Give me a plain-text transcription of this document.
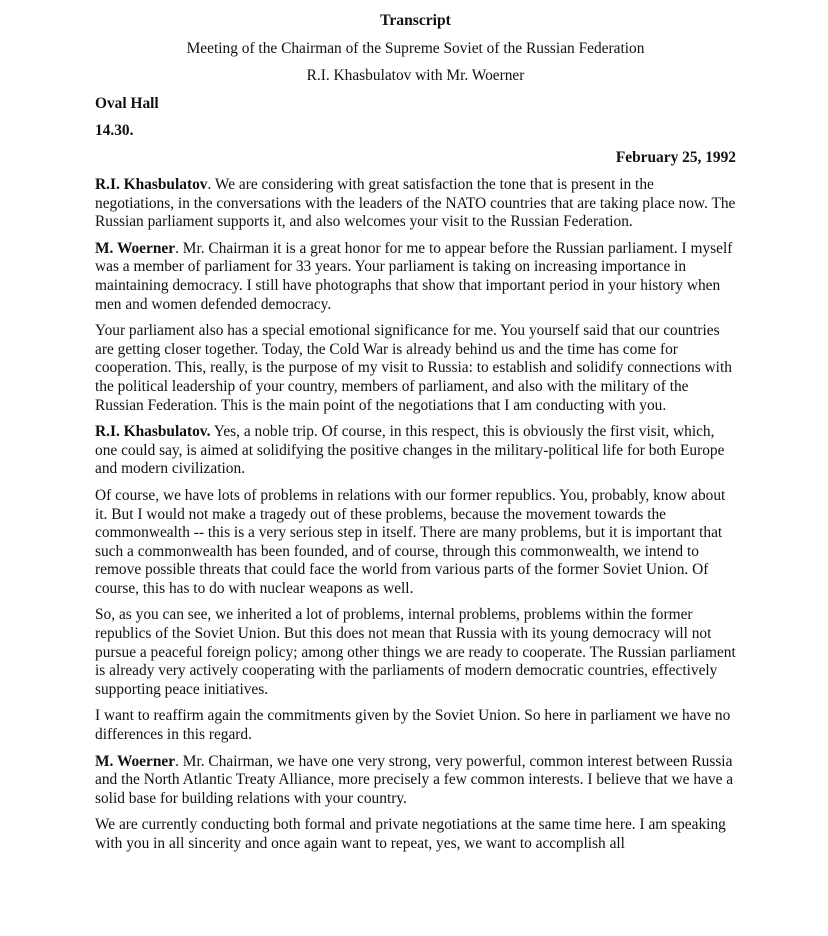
Transcript
Meeting of the Chairman of the Supreme Soviet of the Russian Federation
R.I. Khasbulatov with Mr. Woerner
Oval Hall
14.30.
February 25, 1992

R.I. Khasbulatov. We are considering with great satisfaction the tone that is present in the negotiations, in the conversations with the leaders of the NATO countries that are taking place now. The Russian parliament supports it, and also welcomes your visit to the Russian Federation.

M. Woerner. Mr. Chairman it is a great honor for me to appear before the Russian parliament. I myself was a member of parliament for 33 years. Your parliament is taking on increasing importance in maintaining democracy. I still have photographs that show that important period in your history when men and women defended democracy.

Your parliament also has a special emotional significance for me. You yourself said that our countries are getting closer together. Today, the Cold War is already behind us and the time has come for cooperation. This, really, is the purpose of my visit to Russia: to establish and solidify connections with the political leadership of your country, members of parliament, and also with the military of the Russian Federation. This is the main point of the negotiations that I am conducting with you.

R.I. Khasbulatov. Yes, a noble trip. Of course, in this respect, this is obviously the first visit, which, one could say, is aimed at solidifying the positive changes in the military-political life for both Europe and modern civilization.

Of course, we have lots of problems in relations with our former republics. You, probably, know about it. But I would not make a tragedy out of these problems, because the movement towards the commonwealth -- this is a very serious step in itself. There are many problems, but it is important that such a commonwealth has been founded, and of course, through this commonwealth, we intend to remove possible threats that could face the world from various parts of the former Soviet Union. Of course, this has to do with nuclear weapons as well.

So, as you can see, we inherited a lot of problems, internal problems, problems within the former republics of the Soviet Union. But this does not mean that Russia with its young democracy will not pursue a peaceful foreign policy; among other things we are ready to cooperate. The Russian parliament is already very actively cooperating with the parliaments of modern democratic countries, effectively supporting peace initiatives.

I want to reaffirm again the commitments given by the Soviet Union. So here in parliament we have no differences in this regard.

M. Woerner. Mr. Chairman, we have one very strong, very powerful, common interest between Russia and the North Atlantic Treaty Alliance, more precisely a few common interests. I believe that we have a solid base for building relations with your country.

We are currently conducting both formal and private negotiations at the same time here. I am speaking with you in all sincerity and once again want to repeat, yes, we want to accomplish all
